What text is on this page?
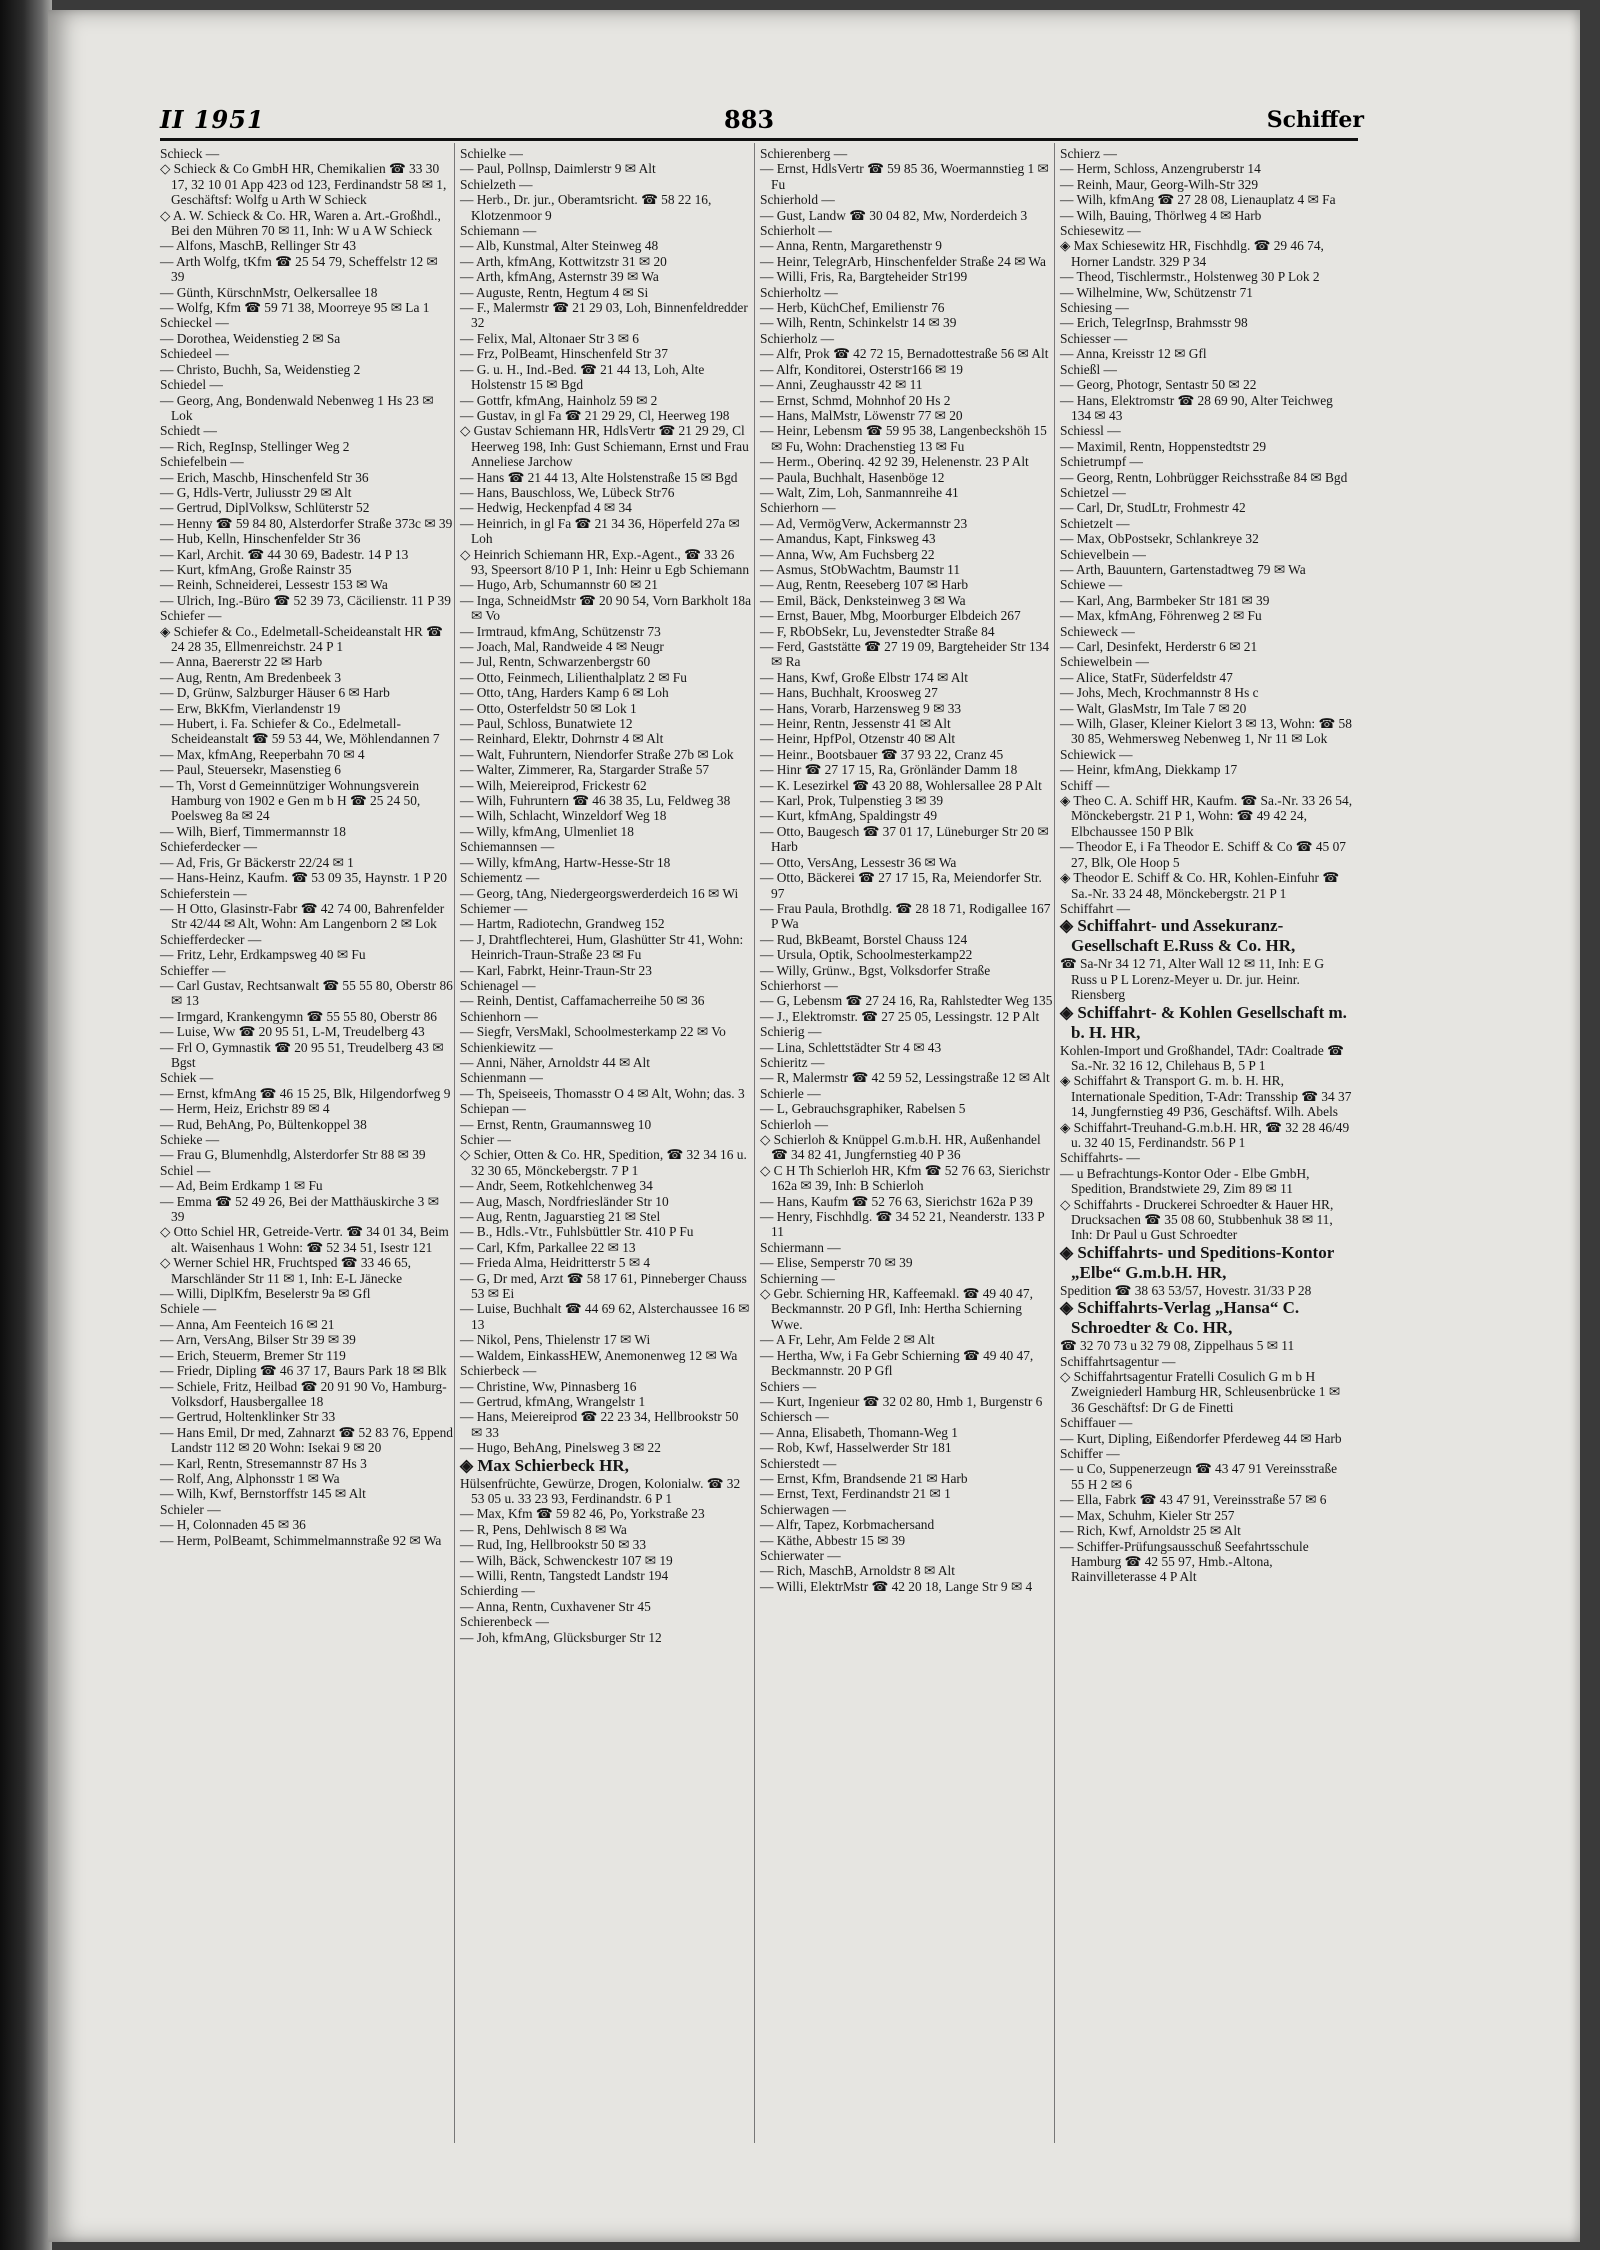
II 1951	883	Schiffer
Schieck —
◇ Schieck & Co GmbH HR, Chemikalien ☎ 33 30 17, 32 10 01 App 423 od 123, Ferdinandstr 58 ✉ 1, Geschäftsf: Wolfg u Arth W Schieck
◇ A. W. Schieck & Co. HR, Waren a. Art.-Großhdl., Bei den Mühren 70 ✉ 11, Inh: W u A W Schieck
— Alfons, MaschB, Rellinger Str 43
— Arth Wolfg, tKfm ☎ 25 54 79, Scheffelstr 12 ✉ 39
— Günth, KürschnMstr, Oelkersallee 18
— Wolfg, Kfm ☎ 59 71 38, Moorreye 95 ✉ La 1
Schieckel —
— Dorothea, Weidenstieg 2 ✉ Sa
Schiedeel —
— Christo, Buchh, Sa, Weidenstieg 2
Schiedel —
— Georg, Ang, Bondenwald Nebenweg 1 Hs 23 ✉ Lok
Schiedt —
— Rich, RegInsp, Stellinger Weg 2
Schiefelbein —
— Erich, Maschb, Hinschenfeld Str 36
— G, Hdls-Vertr, Juliusstr 29 ✉ Alt
— Gertrud, DiplVolksw, Schlüterstr 52
— Henny ☎ 59 84 80, Alsterdorfer Straße 373c ✉ 39
— Hub, Kelln, Hinschenfelder Str 36
— Karl, Archit. ☎ 44 30 69, Badestr. 14 P 13
— Kurt, kfmAng, Große Rainstr 35
— Reinh, Schneiderei, Lessestr 153 ✉ Wa
— Ulrich, Ing.-Büro ☎ 52 39 73, Cäcilienstr. 11 P 39
Schiefer —
◈ Schiefer & Co., Edelmetall-Scheideanstalt HR ☎ 24 28 35, Ellmenreichstr. 24 P 1
— Anna, Baererstr 22 ✉ Harb
— Aug, Rentn, Am Bredenbeek 3
— D, Grünw, Salzburger Häuser 6 ✉ Harb
— Erw, BkKfm, Vierlandenstr 19
— Hubert, i. Fa. Schiefer & Co., Edelmetall-Scheideanstalt ☎ 59 53 44, We, Möhlendannen 7
— Max, kfmAng, Reeperbahn 70 ✉ 4
— Paul, Steuersekr, Masenstieg 6
— Th, Vorst d Gemeinnütziger Wohnungsverein Hamburg von 1902 e Gen m b H ☎ 25 24 50, Poelsweg 8a ✉ 24
— Wilh, Bierf, Timmermannstr 18
Schieferdecker —
— Ad, Fris, Gr Bäckerstr 22/24 ✉ 1
— Hans-Heinz, Kaufm. ☎ 53 09 35, Haynstr. 1 P 20
Schieferstein —
— H Otto, Glasinstr-Fabr ☎ 42 74 00, Bahrenfelder Str 42/44 ✉ Alt, Wohn: Am Langenborn 2 ✉ Lok
Schiefferdecker —
— Fritz, Lehr, Erdkampsweg 40 ✉ Fu
Schieffer —
— Carl Gustav, Rechtsanwalt ☎ 55 55 80, Oberstr 86 ✉ 13
— Irmgard, Krankengymn ☎ 55 55 80, Oberstr 86
— Luise, Ww ☎ 20 95 51, L-M, Treudelberg 43
— Frl O, Gymnastik ☎ 20 95 51, Treudelberg 43 ✉ Bgst
Schiek —
— Ernst, kfmAng ☎ 46 15 25, Blk, Hilgendorfweg 9
— Herm, Heiz, Erichstr 89 ✉ 4
— Rud, BehAng, Po, Bültenkoppel 38
Schieke —
— Frau G, Blumenhdlg, Alsterdorfer Str 88 ✉ 39
Schiel —
— Ad, Beim Erdkamp 1 ✉ Fu
— Emma ☎ 52 49 26, Bei der Matthäuskirche 3 ✉ 39
◇ Otto Schiel HR, Getreide-Vertr. ☎ 34 01 34, Beim alt. Waisenhaus 1 Wohn: ☎ 52 34 51, Isestr 121
◇ Werner Schiel HR, Fruchtsped ☎ 33 46 65, Marschländer Str 11 ✉ 1, Inh: E-L Jänecke
— Willi, DiplKfm, Beselerstr 9a ✉ Gfl
Schiele —
— Anna, Am Feenteich 16 ✉ 21
— Arn, VersAng, Bilser Str 39 ✉ 39
— Erich, Steuerm, Bremer Str 119
— Friedr, Dipling ☎ 46 37 17, Baurs Park 18 ✉ Blk
— Schiele, Fritz, Heilbad ☎ 20 91 90 Vo, Hamburg-Volksdorf, Hausbergallee 18
— Gertrud, Holtenklinker Str 33
— Hans Emil, Dr med, Zahnarzt ☎ 52 83 76, Eppend Landstr 112 ✉ 20 Wohn: Isekai 9 ✉ 20
— Karl, Rentn, Stresemannstr 87 Hs 3
— Rolf, Ang, Alphonsstr 1 ✉ Wa
— Wilh, Kwf, Bernstorffstr 145 ✉ Alt
Schieler —
— H, Colonnaden 45 ✉ 36
— Herm, PolBeamt, Schimmelmannstraße 92 ✉ Wa
Schielke —
— Paul, Pollnsp, Daimlerstr 9 ✉ Alt
Schielzeth —
— Herb., Dr. jur., Oberamtsricht. ☎ 58 22 16, Klotzenmoor 9
Schiemann —
— Alb, Kunstmal, Alter Steinweg 48
— Arth, kfmAng, Kottwitzstr 31 ✉ 20
— Arth, kfmAng, Asternstr 39 ✉ Wa
— Auguste, Rentn, Hegtum 4 ✉ Si
— F., Malermstr ☎ 21 29 03, Loh, Binnenfeldredder 32
— Felix, Mal, Altonaer Str 3 ✉ 6
— Frz, PolBeamt, Hinschenfeld Str 37
— G. u. H., Ind.-Bed. ☎ 21 44 13, Loh, Alte Holstenstr 15 ✉ Bgd
— Gottfr, kfmAng, Hainholz 59 ✉ 2
— Gustav, in gl Fa ☎ 21 29 29, Cl, Heerweg 198
◇ Gustav Schiemann HR, HdlsVertr ☎ 21 29 29, Cl Heerweg 198, Inh: Gust Schiemann, Ernst und Frau Anneliese Jarchow
— Hans ☎ 21 44 13, Alte Holstenstraße 15 ✉ Bgd
— Hans, Bauschloss, We, Lübeck Str76
— Hedwig, Heckenpfad 4 ✉ 34
— Heinrich, in gl Fa ☎ 21 34 36, Höperfeld 27a ✉ Loh
◇ Heinrich Schiemann HR, Exp.-Agent., ☎ 33 26 93, Speersort 8/10 P 1, Inh: Heinr u Egb Schiemann
— Hugo, Arb, Schumannstr 60 ✉ 21
— Inga, SchneidMstr ☎ 20 90 54, Vorn Barkholt 18a ✉ Vo
— Irmtraud, kfmAng, Schützenstr 73
— Joach, Mal, Randweide 4 ✉ Neugr
— Jul, Rentn, Schwarzenbergstr 60
— Otto, Feinmech, Lilienthalplatz 2 ✉ Fu
— Otto, tAng, Harders Kamp 6 ✉ Loh
— Otto, Osterfeldstr 50 ✉ Lok 1
— Paul, Schloss, Bunatwiete 12
— Reinhard, Elektr, Dohrnstr 4 ✉ Alt
— Walt, Fuhruntern, Niendorfer Straße 27b ✉ Lok
— Walter, Zimmerer, Ra, Stargarder Straße 57
— Wilh, Meiereiprod, Frickestr 62
— Wilh, Fuhruntern ☎ 46 38 35, Lu, Feldweg 38
— Wilh, Schlacht, Winzeldorf Weg 18
— Willy, kfmAng, Ulmenliet 18
Schiemannsen —
— Willy, kfmAng, Hartw-Hesse-Str 18
Schiementz —
— Georg, tAng, Niedergeorgswerderdeich 16 ✉ Wi
Schiemer —
— Hartm, Radiotechn, Grandweg 152
— J, Drahtflechterei, Hum, Glashütter Str 41, Wohn: Heinrich-Traun-Straße 23 ✉ Fu
— Karl, Fabrkt, Heinr-Traun-Str 23
Schienagel —
— Reinh, Dentist, Caffamacherreihe 50 ✉ 36
Schienhorn —
— Siegfr, VersMakl, Schoolmesterkamp 22 ✉ Vo
Schienkiewitz —
— Anni, Näher, Arnoldstr 44 ✉ Alt
Schienmann —
— Th, Speiseeis, Thomasstr O 4 ✉ Alt, Wohn; das. 3
Schiepan —
— Ernst, Rentn, Graumannsweg 10
Schier —
◇ Schier, Otten & Co. HR, Spedition, ☎ 32 34 16 u. 32 30 65, Mönckebergstr. 7 P 1
— Andr, Seem, Rotkehlchenweg 34
— Aug, Masch, Nordfriesländer Str 10
— Aug, Rentn, Jaguarstieg 21 ✉ Stel
— B., Hdls.-Vtr., Fuhlsbüttler Str. 410 P Fu
— Carl, Kfm, Parkallee 22 ✉ 13
— Frieda Alma, Heidritterstr 5 ✉ 4
— G, Dr med, Arzt ☎ 58 17 61, Pinneberger Chauss 53 ✉ Ei
— Luise, Buchhalt ☎ 44 69 62, Alsterchaussee 16 ✉ 13
— Nikol, Pens, Thielenstr 17 ✉ Wi
— Waldem, EinkassHEW, Anemonenweg 12 ✉ Wa
Schierbeck —
— Christine, Ww, Pinnasberg 16
— Gertrud, kfmAng, Wrangelstr 1
— Hans, Meiereiprod ☎ 22 23 34, Hellbrookstr 50 ✉ 33
— Hugo, BehAng, Pinelsweg 3 ✉ 22
◈ Max Schierbeck HR,
Hülsenfrüchte, Gewürze, Drogen, Kolonialw. ☎ 32 53 05 u. 33 23 93, Ferdinandstr. 6 P 1
— Max, Kfm ☎ 59 82 46, Po, Yorkstraße 23
— R, Pens, Dehlwisch 8 ✉ Wa
— Rud, Ing, Hellbrookstr 50 ✉ 33
— Wilh, Bäck, Schwenckestr 107 ✉ 19
— Willi, Rentn, Tangstedt Landstr 194
Schierding —
— Anna, Rentn, Cuxhavener Str 45
Schierenbeck —
— Joh, kfmAng, Glücksburger Str 12
Schierenberg —
— Ernst, HdlsVertr ☎ 59 85 36, Woermannstieg 1 ✉ Fu
Schierhold —
— Gust, Landw ☎ 30 04 82, Mw, Norderdeich 3
Schierholt —
— Anna, Rentn, Margarethenstr 9
— Heinr, TelegrArb, Hinschenfelder Straße 24 ✉ Wa
— Willi, Fris, Ra, Bargteheider Str199
Schierholtz —
— Herb, KüchChef, Emilienstr 76
— Wilh, Rentn, Schinkelstr 14 ✉ 39
Schierholz —
— Alfr, Prok ☎ 42 72 15, Bernadottestraße 56 ✉ Alt
— Alfr, Konditorei, Osterstr166 ✉ 19
— Anni, Zeughausstr 42 ✉ 11
— Ernst, Schmd, Mohnhof 20 Hs 2
— Hans, MalMstr, Löwenstr 77 ✉ 20
— Heinr, Lebensm ☎ 59 95 38, Langenbeckshöh 15 ✉ Fu, Wohn: Drachenstieg 13 ✉ Fu
— Herm., Oberinq. 42 92 39, Helenenstr. 23 P Alt
— Paula, Buchhalt, Hasenböge 12
— Walt, Zim, Loh, Sanmannreihe 41
Schierhorn —
— Ad, VermögVerw, Ackermannstr 23
— Amandus, Kapt, Finksweg 43
— Anna, Ww, Am Fuchsberg 22
— Asmus, StObWachtm, Baumstr 11
— Aug, Rentn, Reeseberg 107 ✉ Harb
— Emil, Bäck, Denksteinweg 3 ✉ Wa
— Ernst, Bauer, Mbg, Moorburger Elbdeich 267
— F, RbObSekr, Lu, Jevenstedter Straße 84
— Ferd, Gaststätte ☎ 27 19 09, Bargteheider Str 134 ✉ Ra
— Hans, Kwf, Große Elbstr 174 ✉ Alt
— Hans, Buchhalt, Kroosweg 27
— Hans, Vorarb, Harzensweg 9 ✉ 33
— Heinr, Rentn, Jessenstr 41 ✉ Alt
— Heinr, HpfPol, Otzenstr 40 ✉ Alt
— Heinr., Bootsbauer ☎ 37 93 22, Cranz 45
— Hinr ☎ 27 17 15, Ra, Grönländer Damm 18
— K. Lesezirkel ☎ 43 20 88, Wohlersallee 28 P Alt
— Karl, Prok, Tulpenstieg 3 ✉ 39
— Kurt, kfmAng, Spaldingstr 49
— Otto, Baugesch ☎ 37 01 17, Lüneburger Str 20 ✉ Harb
— Otto, VersAng, Lessestr 36 ✉ Wa
— Otto, Bäckerei ☎ 27 17 15, Ra, Meiendorfer Str. 97
— Frau Paula, Brothdlg. ☎ 28 18 71, Rodigallee 167 P Wa
— Rud, BkBeamt, Borstel Chauss 124
— Ursula, Optik, Schoolmesterkamp22
— Willy, Grünw., Bgst, Volksdorfer Straße
Schierhorst —
— G, Lebensm ☎ 27 24 16, Ra, Rahlstedter Weg 135
— J., Elektromstr. ☎ 27 25 05, Lessingstr. 12 P Alt
Schierig —
— Lina, Schlettstädter Str 4 ✉ 43
Schieritz —
— R, Malermstr ☎ 42 59 52, Lessingstraße 12 ✉ Alt
Schierle —
— L, Gebrauchsgraphiker, Rabelsen 5
Schierloh —
◇ Schierloh & Knüppel G.m.b.H. HR, Außenhandel ☎ 34 82 41, Jungfernstieg 40 P 36
◇ C H Th Schierloh HR, Kfm ☎ 52 76 63, Sierichstr 162a ✉ 39, Inh: B Schierloh
— Hans, Kaufm ☎ 52 76 63, Sierichstr 162a P 39
— Henry, Fischhdlg. ☎ 34 52 21, Neanderstr. 133 P 11
Schiermann —
— Elise, Semperstr 70 ✉ 39
Schierning —
◇ Gebr. Schierning HR, Kaffeemakl. ☎ 49 40 47, Beckmannstr. 20 P Gfl, Inh: Hertha Schierning Wwe.
— A Fr, Lehr, Am Felde 2 ✉ Alt
— Hertha, Ww, i Fa Gebr Schierning ☎ 49 40 47, Beckmannstr. 20 P Gfl
Schiers —
— Kurt, Ingenieur ☎ 32 02 80, Hmb 1, Burgenstr 6
Schiersch —
— Anna, Elisabeth, Thomann-Weg 1
— Rob, Kwf, Hasselwerder Str 181
Schierstedt —
— Ernst, Kfm, Brandsende 21 ✉ Harb
— Ernst, Text, Ferdinandstr 21 ✉ 1
Schierwagen —
— Alfr, Tapez, Korbmachersand
— Käthe, Abbestr 15 ✉ 39
Schierwater —
— Rich, MaschB, Arnoldstr 8 ✉ Alt
— Willi, ElektrMstr ☎ 42 20 18, Lange Str 9 ✉ 4
Schierz —
— Herm, Schloss, Anzengruberstr 14
— Reinh, Maur, Georg-Wilh-Str 329
— Wilh, kfmAng ☎ 27 28 08, Lienauplatz 4 ✉ Fa
— Wilh, Bauing, Thörlweg 4 ✉ Harb
Schiesewitz —
◈ Max Schiesewitz HR, Fischhdlg. ☎ 29 46 74, Horner Landstr. 329 P 34
— Theod, Tischlermstr., Holstenweg 30 P Lok 2
— Wilhelmine, Ww, Schützenstr 71
Schiesing —
— Erich, TelegrInsp, Brahmsstr 98
Schiesser —
— Anna, Kreisstr 12 ✉ Gfl
Schießl —
— Georg, Photogr, Sentastr 50 ✉ 22
— Hans, Elektromstr ☎ 28 69 90, Alter Teichweg 134 ✉ 43
Schiessl —
— Maximil, Rentn, Hoppenstedtstr 29
Schietrumpf —
— Georg, Rentn, Lohbrügger Reichsstraße 84 ✉ Bgd
Schietzel —
— Carl, Dr, StudLtr, Frohmestr 42
Schietzelt —
— Max, ObPostsekr, Schlankreye 32
Schievelbein —
— Arth, Bauuntern, Gartenstadtweg 79 ✉ Wa
Schiewe —
— Karl, Ang, Barmbeker Str 181 ✉ 39
— Max, kfmAng, Föhrenweg 2 ✉ Fu
Schieweck —
— Carl, Desinfekt, Herderstr 6 ✉ 21
Schiewelbein —
— Alice, StatFr, Süderfeldstr 47
— Johs, Mech, Krochmannstr 8 Hs c
— Walt, GlasMstr, Im Tale 7 ✉ 20
— Wilh, Glaser, Kleiner Kielort 3 ✉ 13, Wohn: ☎ 58 30 85, Wehmersweg Nebenweg 1, Nr 11 ✉ Lok
Schiewick —
— Heinr, kfmAng, Diekkamp 17
Schiff —
◈ Theo C. A. Schiff HR, Kaufm. ☎ Sa.-Nr. 33 26 54, Mönckebergstr. 21 P 1, Wohn: ☎ 49 42 24, Elbchaussee 150 P Blk
— Theodor E, i Fa Theodor E. Schiff & Co ☎ 45 07 27, Blk, Ole Hoop 5
◈ Theodor E. Schiff & Co. HR, Kohlen-Einfuhr ☎ Sa.-Nr. 33 24 48, Mönckebergstr. 21 P 1
Schiffahrt —
◈ Schiffahrt- und Assekuranz-Gesellschaft E.Russ & Co. HR,
☎ Sa-Nr 34 12 71, Alter Wall 12 ✉ 11, Inh: E G Russ u P L Lorenz-Meyer u. Dr. jur. Heinr. Riensberg
◈ Schiffahrt- & Kohlen Gesellschaft m. b. H. HR,
Kohlen-Import und Großhandel, TAdr: Coaltrade ☎ Sa.-Nr. 32 16 12, Chilehaus B, 5 P 1
◈ Schiffahrt & Transport G. m. b. H. HR, Internationale Spedition, T-Adr: Transship ☎ 34 37 14, Jungfernstieg 49 P36, Geschäftsf. Wilh. Abels
◈ Schiffahrt-Treuhand-G.m.b.H. HR, ☎ 32 28 46/49 u. 32 40 15, Ferdinandstr. 56 P 1
Schiffahrts- —
— u Befrachtungs-Kontor Oder - Elbe GmbH, Spedition, Brandstwiete 29, Zim 89 ✉ 11
◇ Schiffahrts - Druckerei Schroedter & Hauer HR, Drucksachen ☎ 35 08 60, Stubbenhuk 38 ✉ 11, Inh: Dr Paul u Gust Schroedter
◈ Schiffahrts- und Speditions-Kontor „Elbe“ G.m.b.H. HR,
Spedition ☎ 38 63 53/57, Hovestr. 31/33 P 28
◈ Schiffahrts-Verlag „Hansa“ C. Schroedter & Co. HR,
☎ 32 70 73 u 32 79 08, Zippelhaus 5 ✉ 11
Schiffahrtsagentur —
◇ Schiffahrtsagentur Fratelli Cosulich G m b H Zweigniederl Hamburg HR, Schleusenbrücke 1 ✉ 36 Geschäftsf: Dr G de Finetti
Schiffauer —
— Kurt, Dipling, Eißendorfer Pferdeweg 44 ✉ Harb
Schiffer —
— u Co, Suppenerzeugn ☎ 43 47 91 Vereinsstraße 55 H 2 ✉ 6
— Ella, Fabrk ☎ 43 47 91, Vereinsstraße 57 ✉ 6
— Max, Schuhm, Kieler Str 257
— Rich, Kwf, Arnoldstr 25 ✉ Alt
— Schiffer-Prüfungsausschuß Seefahrtsschule Hamburg ☎ 42 55 97, Hmb.-Altona, Rainvilleterasse 4 P Alt
